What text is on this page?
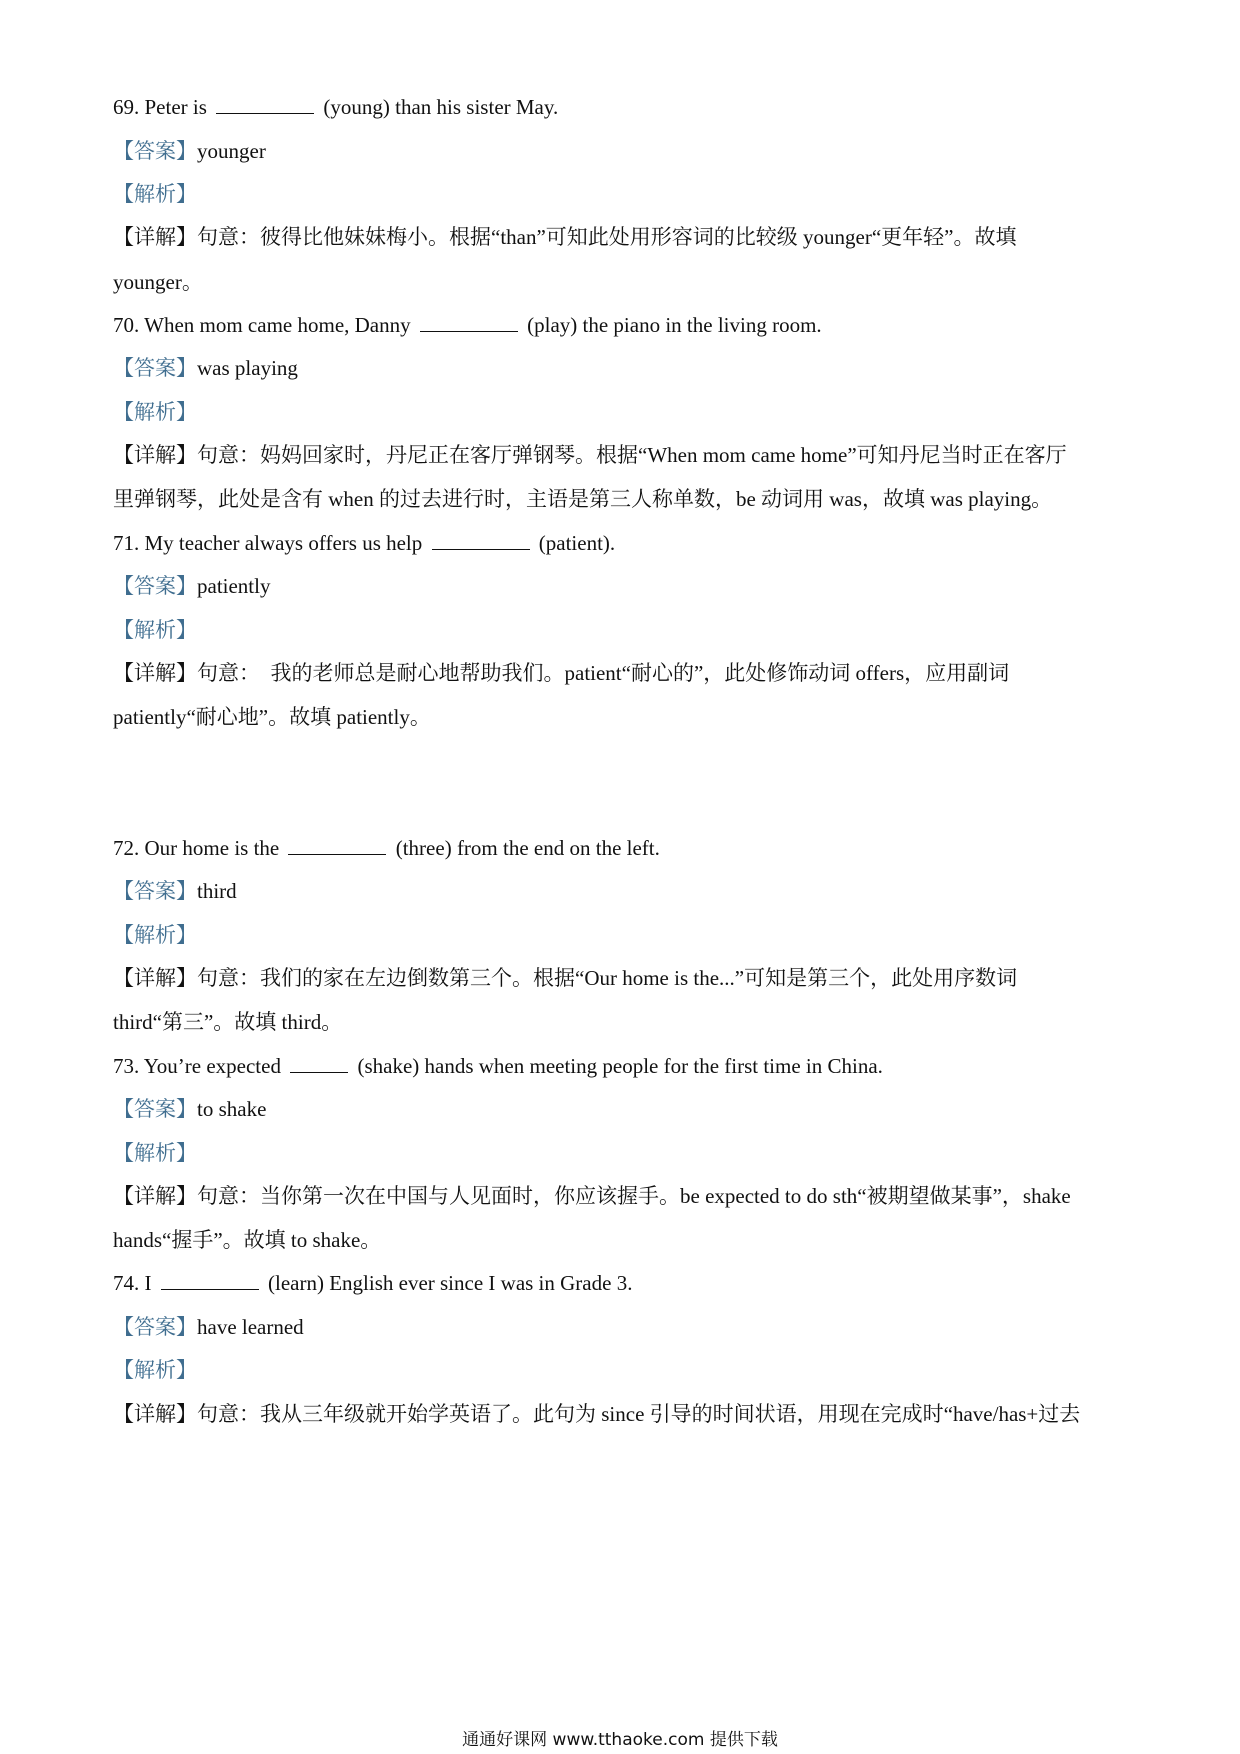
69. Peter is	(young) than his sister May.
【答案】younger
【解析】
【详解】句意：彼得比他妹妹梅小。根据“than”可知此处用形容词的比较级 younger“更年轻”。故填
younger。
70. When mom came home, Danny	(play) the piano in the living room.
【答案】was playing
【解析】
【详解】句意：妈妈回家时，丹尼正在客厅弹钢琴。根据“When mom came home”可知丹尼当时正在客厅
里弹钢琴，此处是含有 when 的过去进行时，主语是第三人称单数，be 动词用 was，故填 was playing。
71. My teacher always offers us help	(patient).
【答案】patiently
【解析】
【详解】句意：　我的老师总是耐心地帮助我们。patient“耐心的”，此处修饰动词 offers，应用副词
patiently“耐心地”。故填 patiently。
72. Our home is the	(three) from the end on the left.
【答案】third
【解析】
【详解】句意：我们的家在左边倒数第三个。根据“Our home is the...”可知是第三个，此处用序数词
third“第三”。故填 third。
73. You’re expected	(shake) hands when meeting people for the first time in China.
【答案】to shake
【解析】
【详解】句意：当你第一次在中国与人见面时，你应该握手。be expected to do sth“被期望做某事”，shake
hands“握手”。故填 to shake。
74. I	(learn) English ever since I was in Grade 3.
【答案】have learned
【解析】
【详解】句意：我从三年级就开始学英语了。此句为 since 引导的时间状语，用现在完成时“have/has+过去
通通好课网 www.tthaoke.com 提供下载
